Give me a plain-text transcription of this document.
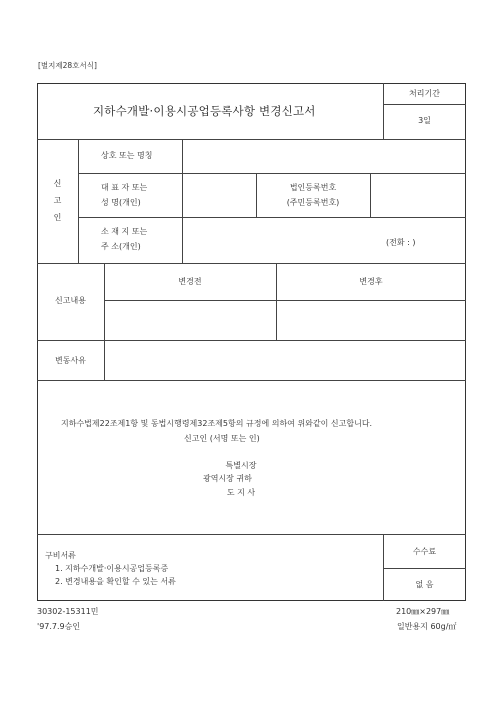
[별지제28호서식]
지하수개발·이용시공업등록사항 변경신고서
처리기간
3일
신
고
인
상호 또는 명칭
대 표 자 또는
성 명(개인)
법인등록번호
(주민등록번호)
소 재 지 또는
주 소(개인)	(전화 : )
신고내용
변경전	변경후
변동사유
지하수법제22조제1항 및 동법시행령제32조제5항의 규정에 의하여 위와같이 신고합니다.
신고인 (서명 또는 인)
특별시장
광역시장 귀하
도 지 사
구비서류
1. 지하수개발·이용시공업등록증
2. 변경내용을 확인할 수 있는 서류
수수료
없 음
30302-15311민
'97.7.9승인
210㎜×297㎜
일반용지 60g/㎡
